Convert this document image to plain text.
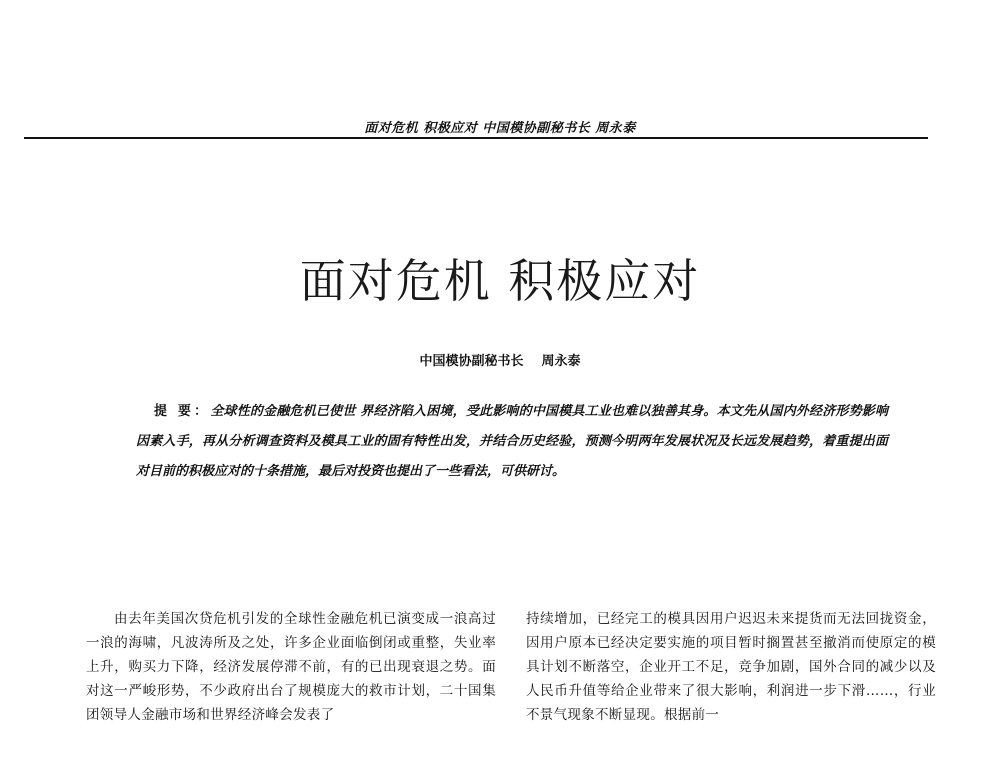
面对危机 积极应对 中国模协副秘书长 周永泰
面对危机 积极应对
中国模协副秘书长 周永泰
提 要：全球性的金融危机已使世 界经济陷入困境，受此影响的中国模具工业也难以独善其身。本文先从国内外经济形势影响因素入手，再从分析调查资料及模具工业的固有特性出发，并结合历史经验，预测今明两年发展状况及长远发展趋势，着重提出面对目前的积极应对的十条措施，最后对投资也提出了一些看法，可供研讨。
由去年美国次贷危机引发的全球性金融危机已演变成一浪高过一浪的海啸，凡波涛所及之处，许多企业面临倒闭或重整，失业率上升，购买力下降，经济发展停滞不前，有的已出现衰退之势。面对这一严峻形势，不少政府出台了规模庞大的救市计划，二十国集团领导人金融市场和世界经济峰会发表了
持续增加，已经完工的模具因用户迟迟未来提货而无法回拢资金，因用户原本已经决定要实施的项目暂时搁置甚至撤消而使原定的模具计划不断落空，企业开工不足，竞争加剧，国外合同的减少以及人民币升值等给企业带来了很大影响，利润进一步下滑……，行业不景气现象不断显现。根据前一
